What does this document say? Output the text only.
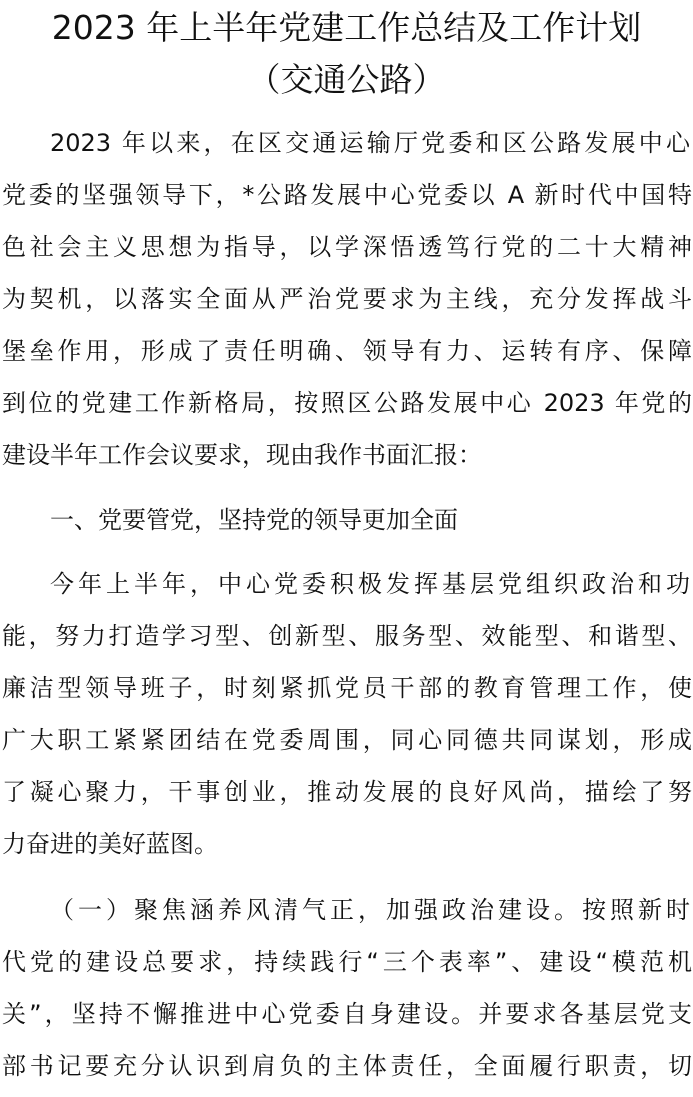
2023 年上半年党建工作总结及工作计划
（交通公路）

2023 年以来，在区交通运输厅党委和区公路发展中心

党委的坚强领导下，*公路发展中心党委以 A 新时代中国特

色社会主义思想为指导，以学深悟透笃行党的二十大精神

为契机，以落实全面从严治党要求为主线，充分发挥战斗

堡垒作用，形成了责任明确、领导有力、运转有序、保障

到位的党建工作新格局，按照区公路发展中心 2023 年党的

建设半年工作会议要求，现由我作书面汇报：

一、党要管党，坚持党的领导更加全面

今年上半年，中心党委积极发挥基层党组织政治和功

能，努力打造学习型、创新型、服务型、效能型、和谐型、

廉洁型领导班子，时刻紧抓党员干部的教育管理工作，使

广大职工紧紧团结在党委周围，同心同德共同谋划，形成

了凝心聚力，干事创业，推动发展的良好风尚，描绘了努

力奋进的美好蓝图。

（一）聚焦涵养风清气正，加强政治建设。按照新时

代党的建设总要求，持续践行“三个表率”、建设“模范机

关”，坚持不懈推进中心党委自身建设。并要求各基层党支

部书记要充分认识到肩负的主体责任，全面履行职责，切
